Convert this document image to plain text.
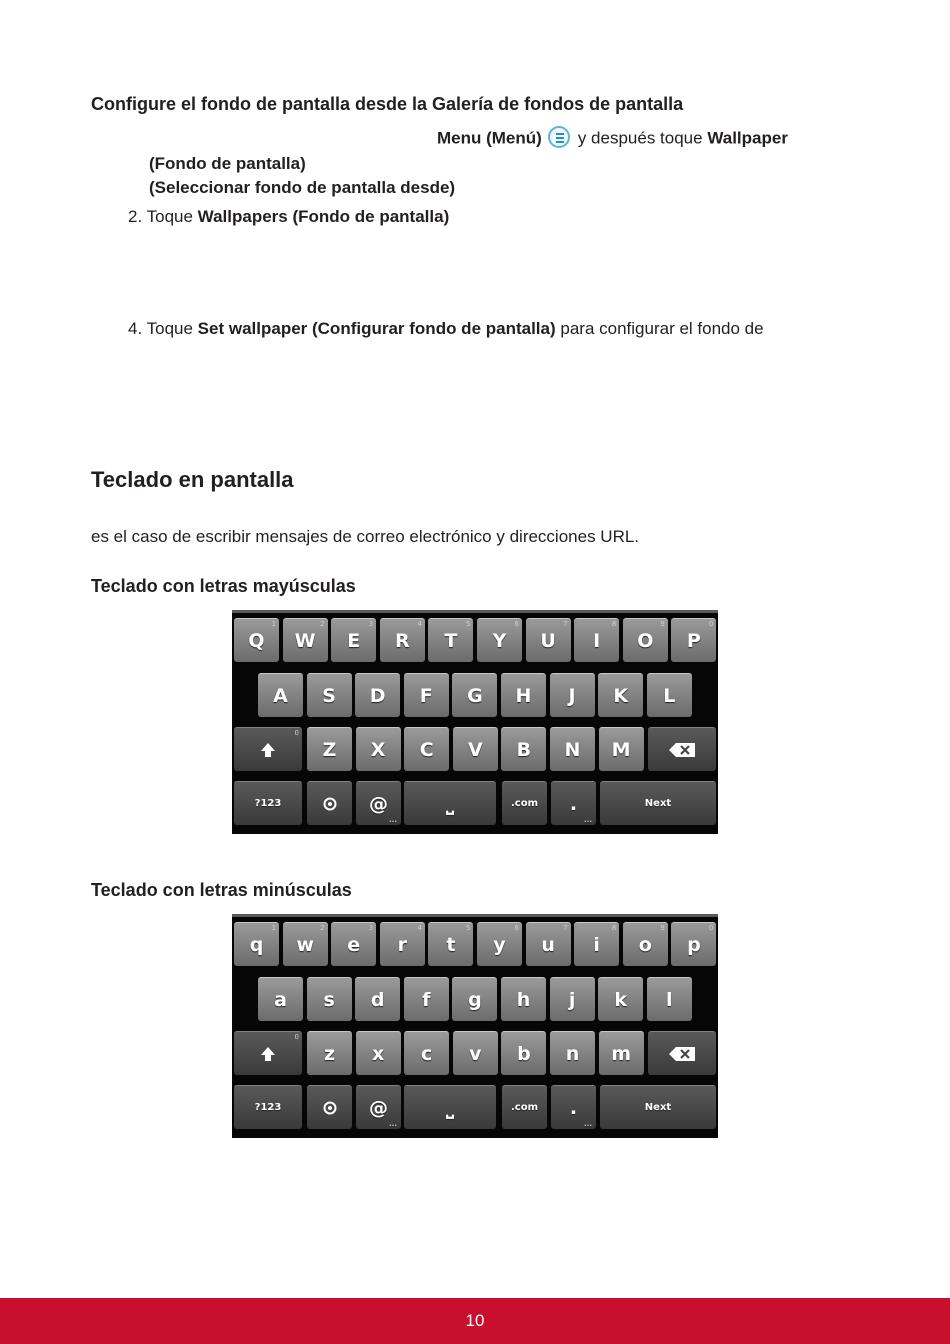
Configure el fondo de pantalla desde la Galería de fondos de pantalla
Menu (Menú) y después toque Wallpaper
(Fondo de pantalla)
(Seleccionar fondo de pantalla desde)
2. Toque Wallpapers (Fondo de pantalla)
4. Toque Set wallpaper (Configurar fondo de pantalla) para configurar el fondo de
Teclado en pantalla
es el caso de escribir mensajes de correo electrónico y direcciones URL.
Teclado con letras mayúsculas
Q
1
W
2
E
3
R
4
T
5
Y
6
U
7
I
8
O
9
P
0
A S D F G H J K L
0
Z X C V B N M
?123	@
...
⎵	.com .
...
Next
Teclado con letras minúsculas
q
1
w
2
e
3
r
4
t
5
y
6
u
7
i
8
o
9
p
0
a s d f g h j k l
0
z x c v b n m
?123	@
...
⎵	.com .
...
Next
10
